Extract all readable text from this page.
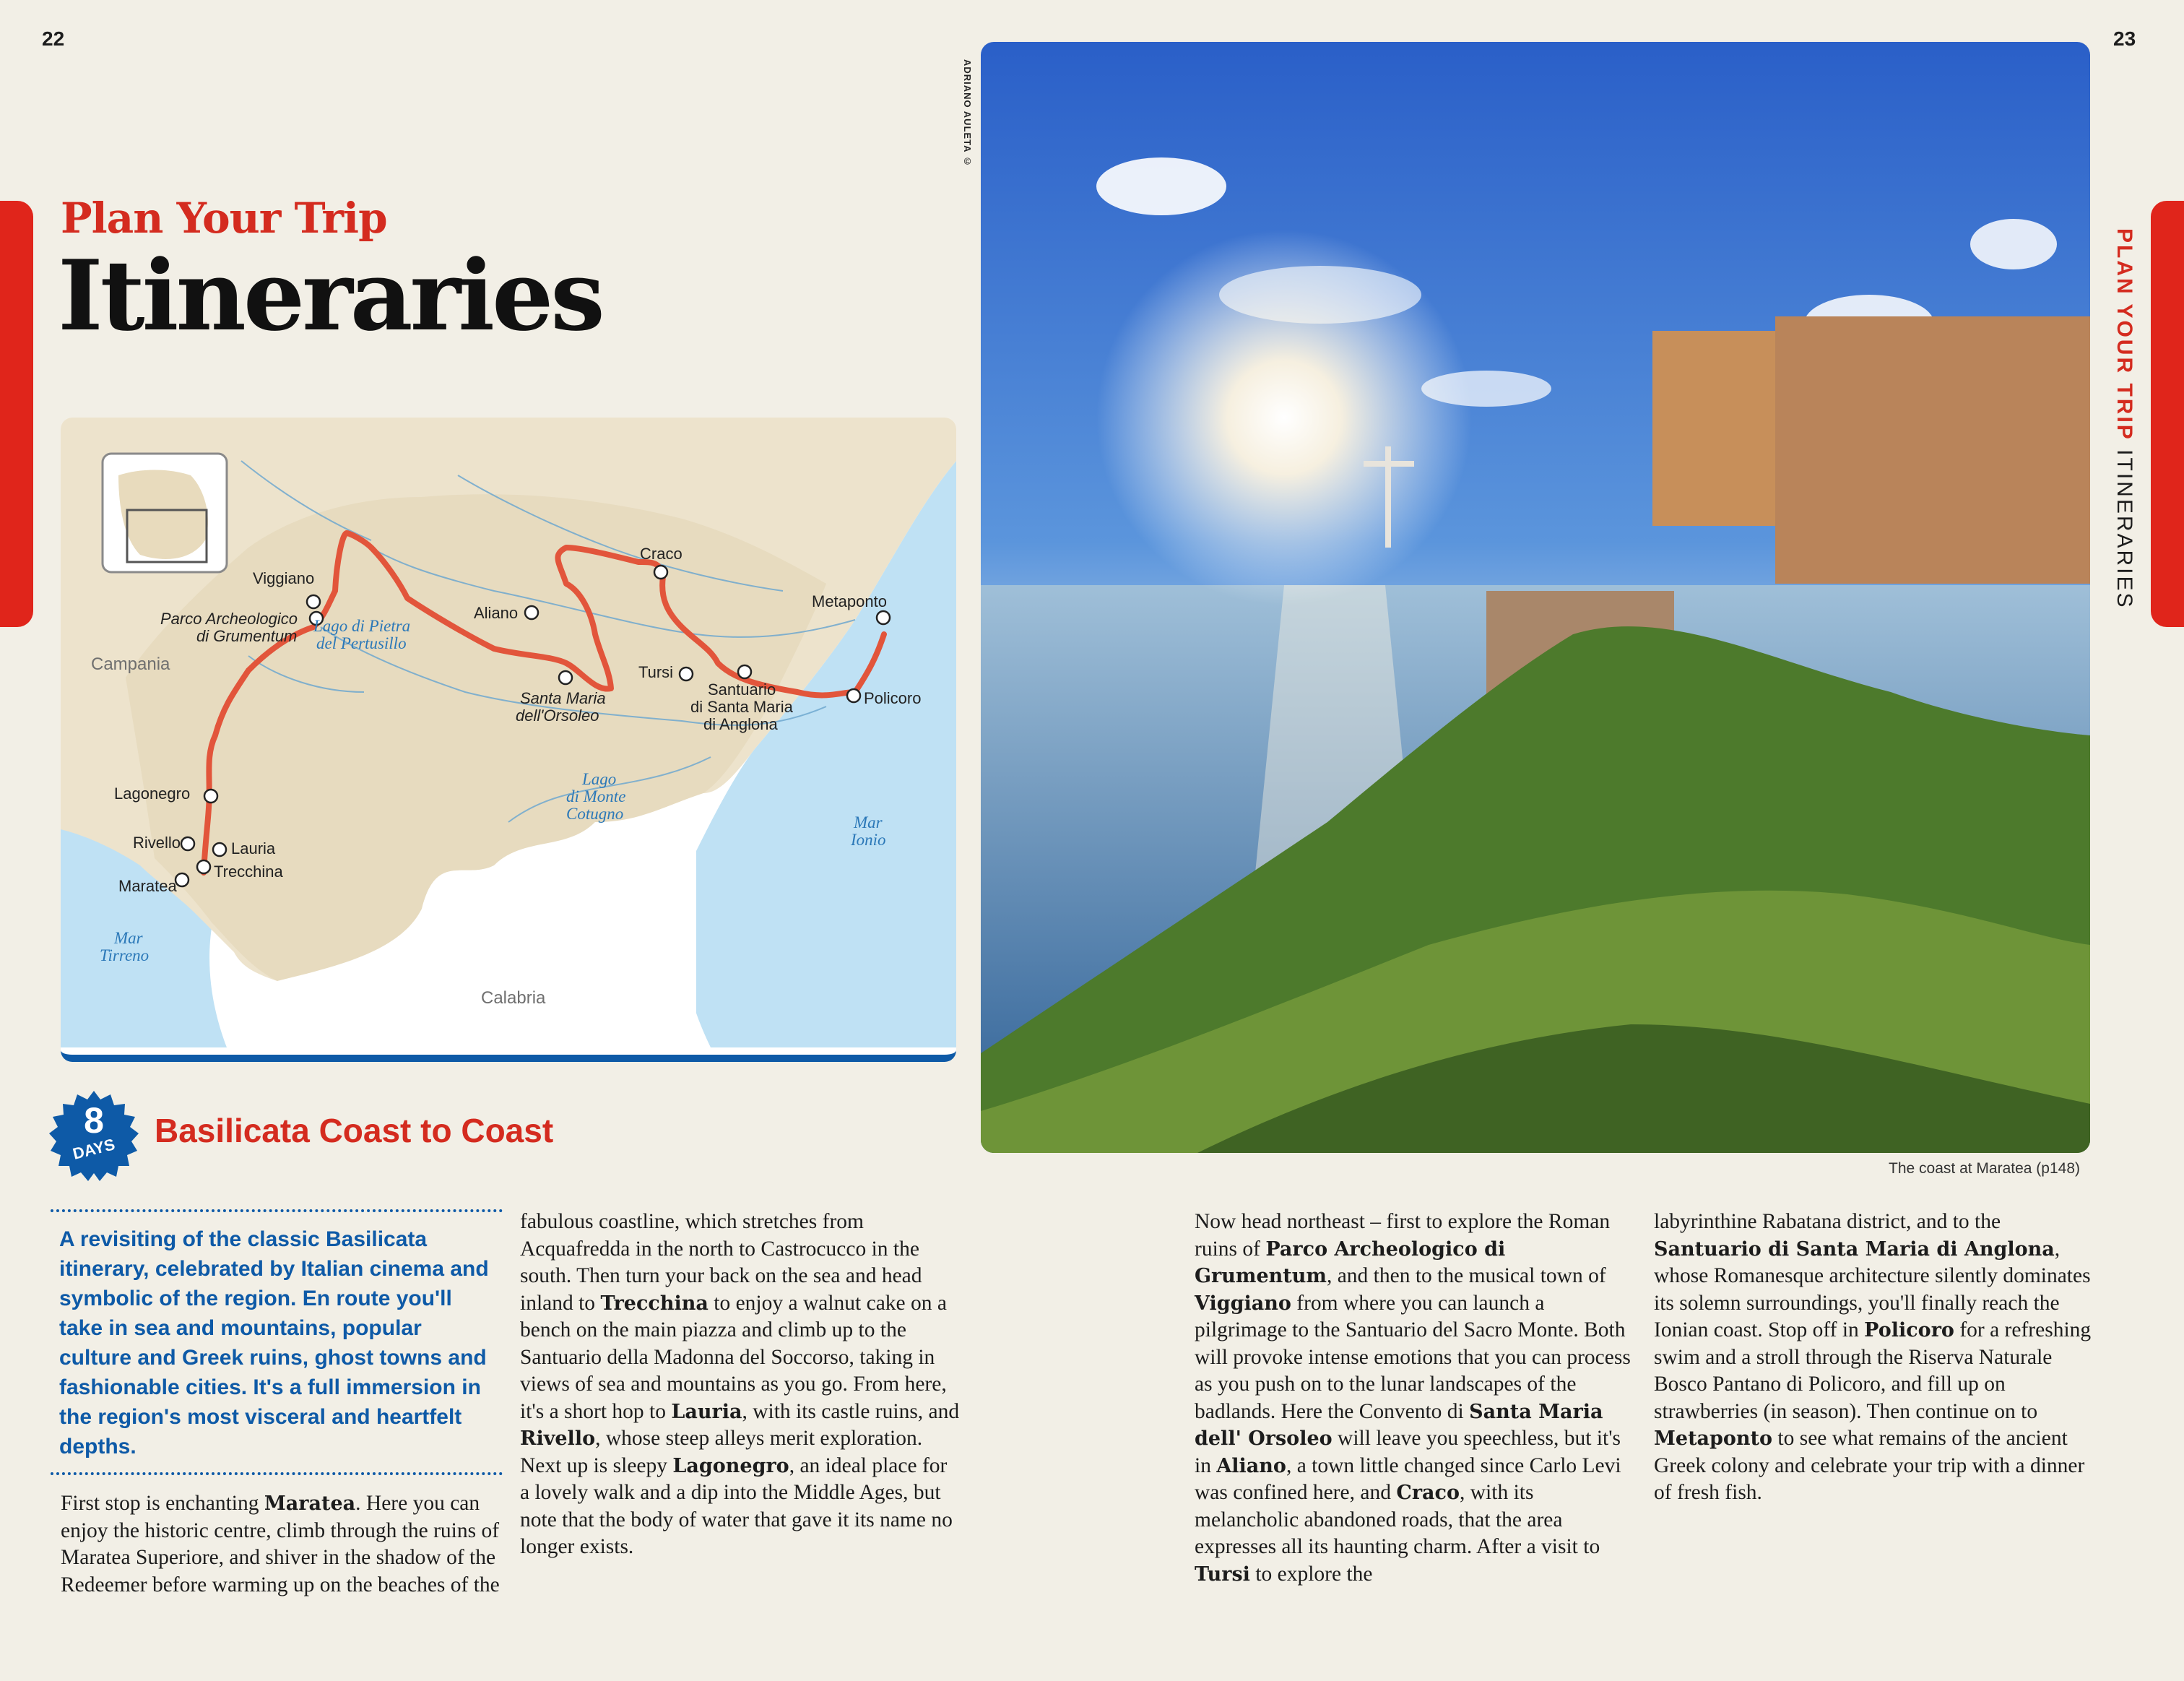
22	23
PLAN YOUR TRIP ITINERARIES
Plan Your Trip
Itineraries
Viggiano
Parco Archeologico
di Grumentum
Aliano
Craco
Metaponto
Tursi
Santuario
di Santa Maria
di Anglona
Policoro
Santa Maria
dell'Orsoleo
Lagonegro
Rivello	Lauria
Trecchina
Maratea
Lago di Pietra
del Pertusillo
Lago
di Monte
Cotugno	Mar
Ionio
Mar
Tirreno
Campania
Calabria
8
DAYS	Basilicata Coast to Coast
A revisiting of the classic Basilicata itinerary, celebrated by Italian cinema and symbolic of the region. En route you'll take in sea and mountains, popular culture and Greek ruins, ghost towns and fashionable cities. It's a full immersion in the region's most visceral and heartfelt depths.
First stop is enchanting Maratea. Here you can enjoy the historic centre, climb through the ruins of Maratea Superiore, and shiver in the shadow of the Redeemer before warming up on the beaches of the
fabulous coastline, which stretches from Acquafredda in the north to Castrocucco in the south. Then turn your back on the sea and head inland to Trecchina to enjoy a walnut cake on a bench on the main piazza and climb up to the Santuario della Madonna del Soccorso, taking in views of sea and mountains as you go. From here, it's a short hop to Lauria, with its castle ruins, and Rivello, whose steep alleys merit exploration. Next up is sleepy Lagonegro, an ideal place for a lovely walk and a dip into the Middle Ages, but note that the body of water that gave it its name no longer exists.
Now head northeast – first to explore the Roman ruins of Parco Archeologico di Grumentum, and then to the musical town of Viggiano from where you can launch a pilgrimage to the Santuario del Sacro Monte. Both will provoke intense emotions that you can process as you push on to the lunar landscapes of the badlands. Here the Convento di Santa Maria dell' Orsoleo will leave you speechless, but it's in Aliano, a town little changed since Carlo Levi was confined here, and Craco, with its melancholic abandoned roads, that the area expresses all its haunting charm. After a visit to Tursi to explore the
labyrinthine Rabatana district, and to the Santuario di Santa Maria di Anglona, whose Romanesque architecture silently dominates its solemn surroundings, you'll finally reach the Ionian coast. Stop off in Policoro for a refreshing swim and a stroll through the Riserva Naturale Bosco Pantano di Policoro, and fill up on strawberries (in season). Then continue on to Metaponto to see what remains of the ancient Greek colony and celebrate your trip with a dinner of fresh fish.
ADRIANO AULETA ©
The coast at Maratea (p148)
